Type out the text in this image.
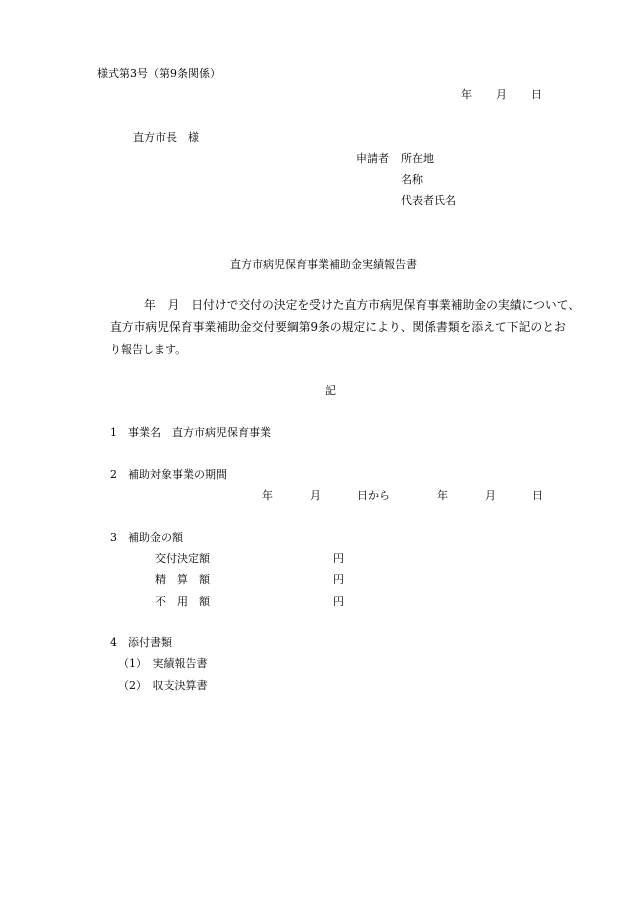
様式第3号（第9条関係）
年 月 日
直方市長　様
申請者 所在地
名称
代表者氏名
直方市病児保育事業補助金実績報告書
年　月　日付けで交付の決定を受けた直方市病児保育事業補助金の実績について、
直方市病児保育事業補助金交付要綱第9条の規定により、関係書類を添えて下記のとお
り報告します。
記
1　事業名　直方市病児保育事業
2　補助対象事業の期間
年	月	日から	年	月	日
3　補助金の額
交付決定額	円
精　算　額	円
不　用　額	円
4　添付書類
（1）　実績報告書
（2）　収支決算書
